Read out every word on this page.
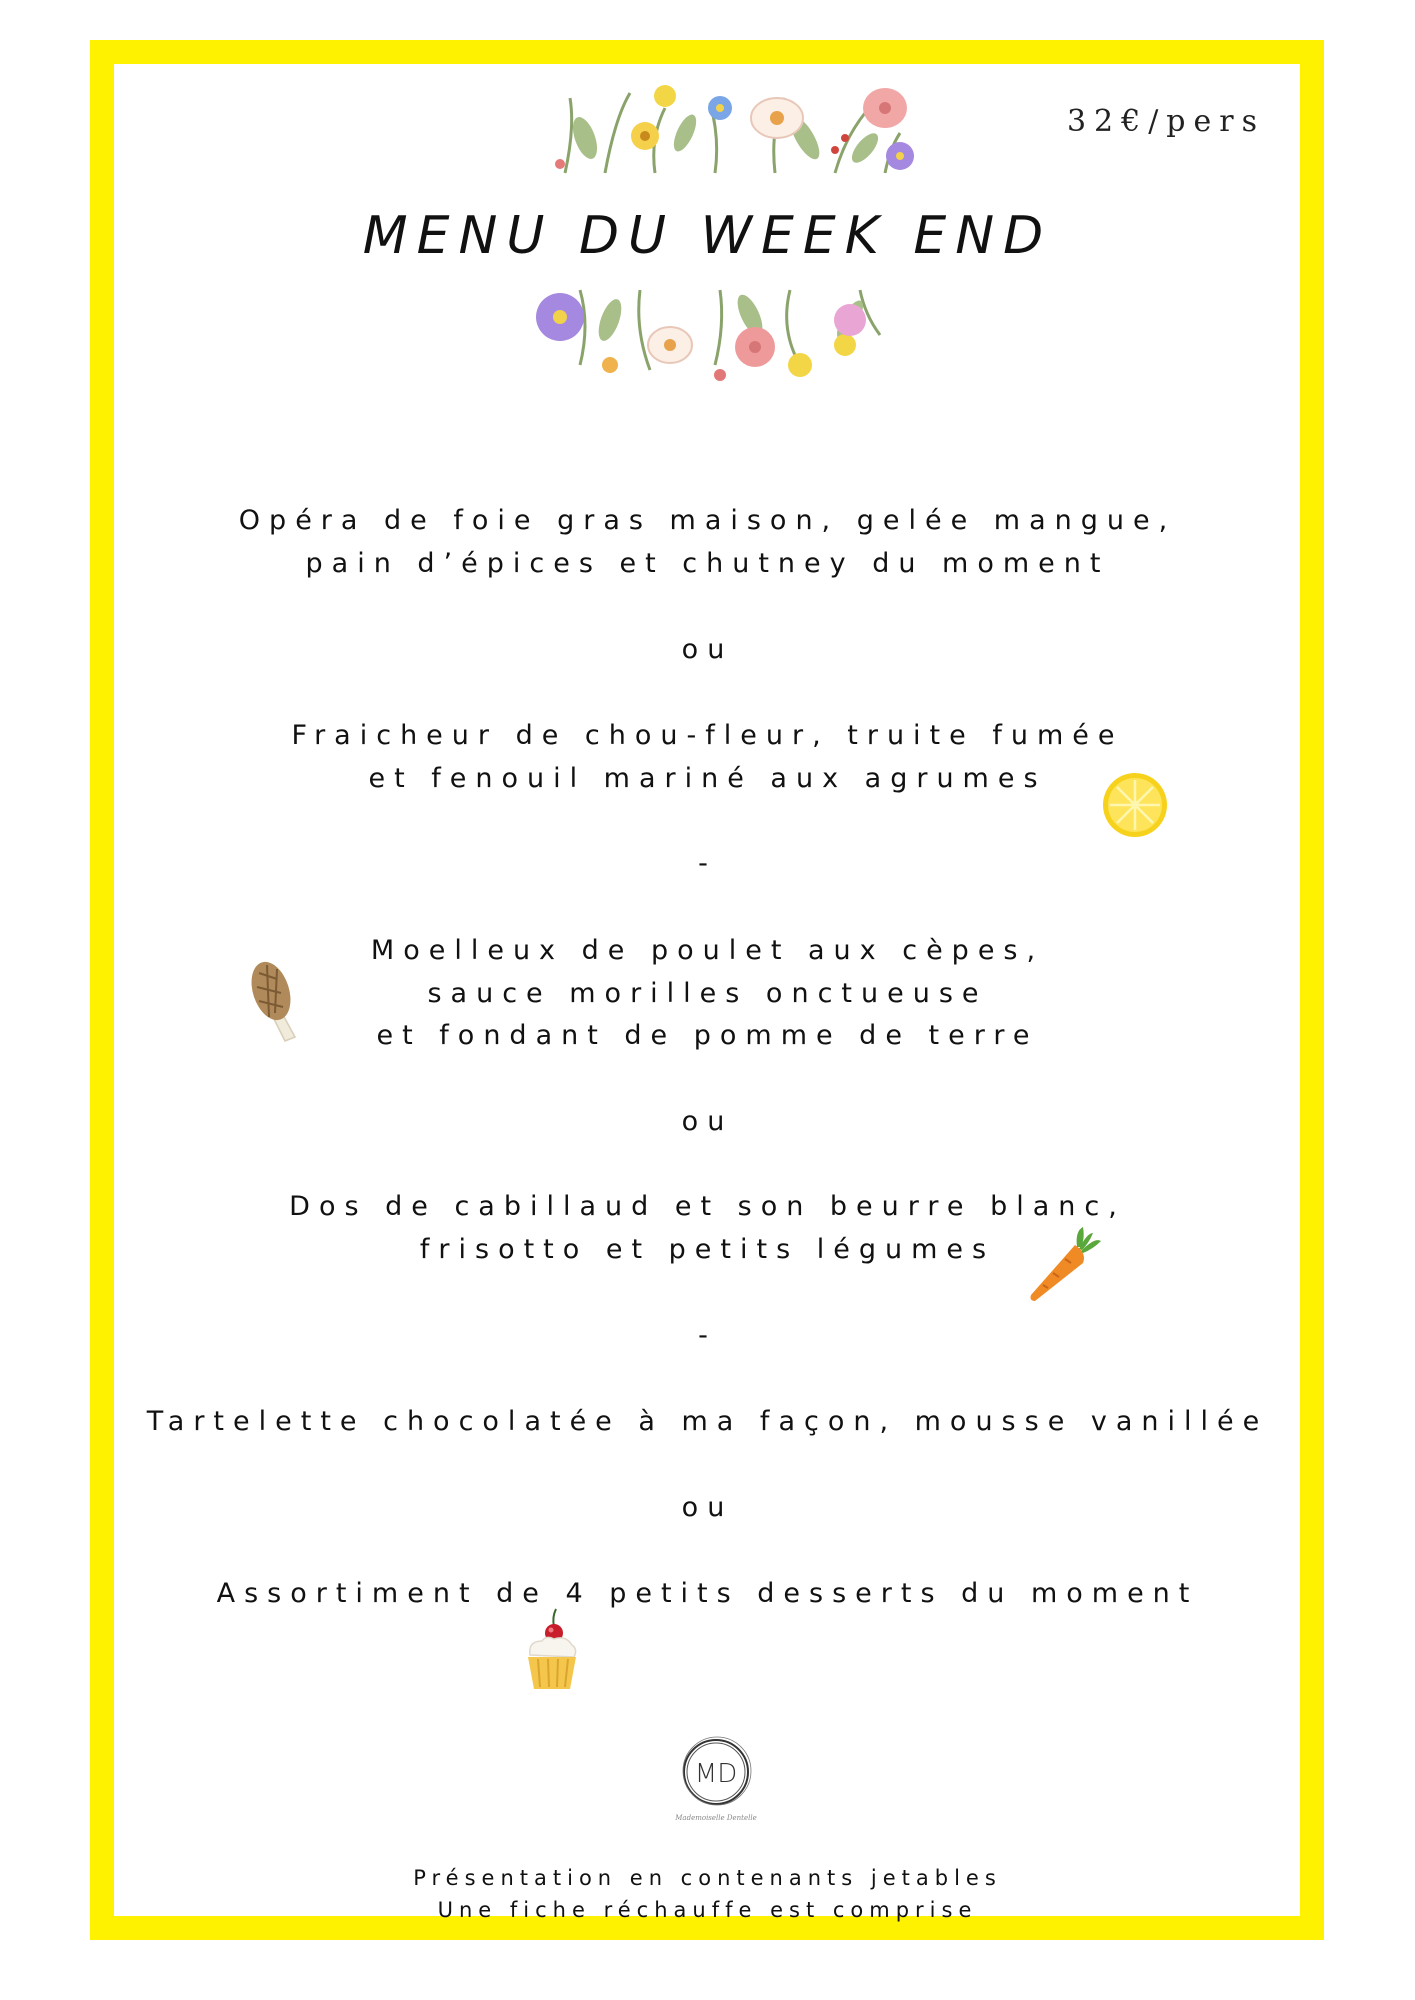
32€/pers
MENU DU WEEK END
Opéra de foie gras maison, gelée mangue,
pain d’épices et chutney du moment
ou
Fraicheur de chou-fleur, truite fumée
et fenouil mariné aux agrumes
-
Moelleux de poulet aux cèpes,
sauce morilles onctueuse
et fondant de pomme de terre
ou
Dos de cabillaud et son beurre blanc,
frisotto et petits légumes
-
Tartelette chocolatée à ma façon, mousse vanillée
ou
Assortiment de 4 petits desserts du moment
MD
Mademoiselle Dentelle
Présentation en contenants jetables
Une fiche réchauffe est comprise
